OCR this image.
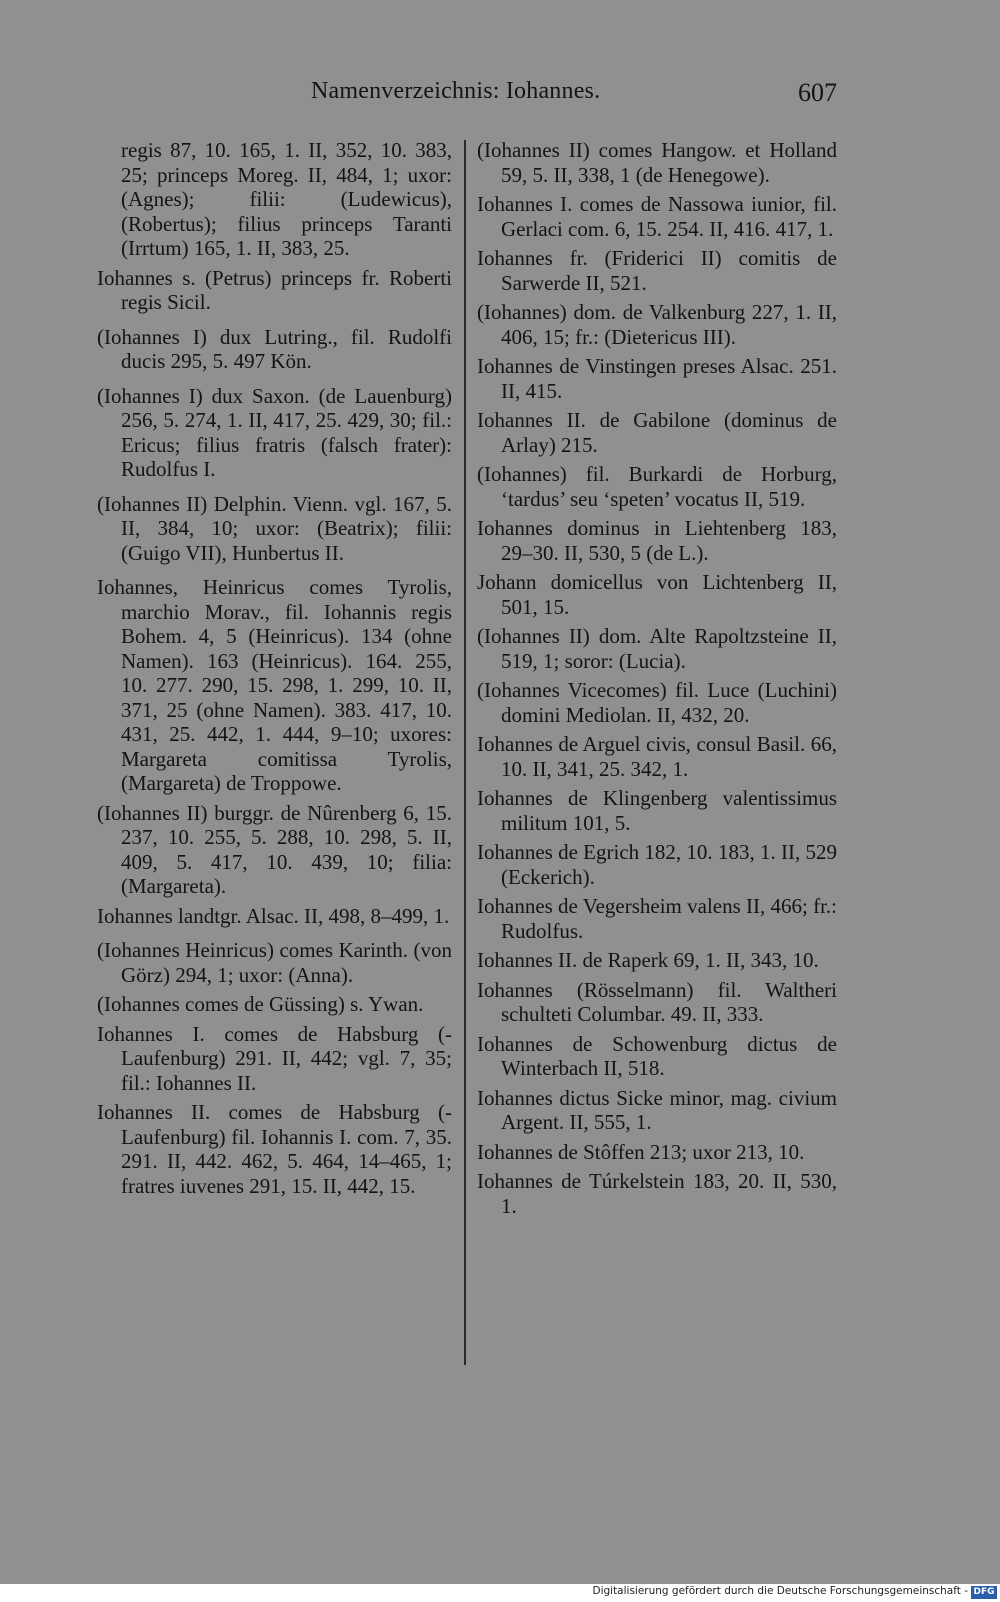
Namenverzeichnis: Iohannes.	607

regis 87, 10. 165, 1. II, 352, 10. 383, 25; princeps Moreg. II, 484, 1; uxor: (Agnes); filii: (Ludewicus), (Robertus); filius princeps Taranti (Irrtum) 165, 1. II, 383, 25.

Iohannes s. (Petrus) princeps fr. Roberti regis Sicil.

(Iohannes I) dux Lutring., fil. Rudolfi ducis 295, 5. 497 Kön.

(Iohannes I) dux Saxon. (de Lauenburg) 256, 5. 274, 1. II, 417, 25. 429, 30; fil.: Ericus; filius fratris (falsch frater): Rudolfus I.

(Iohannes II) Delphin. Vienn. vgl. 167, 5. II, 384, 10; uxor: (Beatrix); filii: (Guigo VII), Hunbertus II.

Iohannes, Heinricus comes Tyrolis, marchio Morav., fil. Iohannis regis Bohem. 4, 5 (Heinricus). 134 (ohne Namen). 163 (Heinricus). 164. 255, 10. 277. 290, 15. 298, 1. 299, 10. II, 371, 25 (ohne Namen). 383. 417, 10. 431, 25. 442, 1. 444, 9–10; uxores: Margareta comitissa Tyrolis, (Margareta) de Troppowe.

(Iohannes II) burggr. de Nûrenberg 6, 15. 237, 10. 255, 5. 288, 10. 298, 5. II, 409, 5. 417, 10. 439, 10; filia: (Margareta).

Iohannes landtgr. Alsac. II, 498, 8–499, 1.

(Iohannes Heinricus) comes Karinth. (von Görz) 294, 1; uxor: (Anna).

(Iohannes comes de Güssing) s. Ywan.

Iohannes I. comes de Habsburg (-Laufenburg) 291. II, 442; vgl. 7, 35; fil.: Iohannes II.

Iohannes II. comes de Habsburg (-Laufenburg) fil. Iohannis I. com. 7, 35. 291. II, 442. 462, 5. 464, 14–465, 1; fratres iuvenes 291, 15. II, 442, 15.

(Iohannes II) comes Hangow. et Holland 59, 5. II, 338, 1 (de Henegowe).

Iohannes I. comes de Nassowa iunior, fil. Gerlaci com. 6, 15. 254. II, 416. 417, 1.

Iohannes fr. (Friderici II) comitis de Sarwerde II, 521.

(Iohannes) dom. de Valkenburg 227, 1. II, 406, 15; fr.: (Dietericus III).

Iohannes de Vinstingen preses Alsac. 251. II, 415.

Iohannes II. de Gabilone (dominus de Arlay) 215.

(Iohannes) fil. Burkardi de Horburg, ‘tardus’ seu ‘speten’ vocatus II, 519.

Iohannes dominus in Liehtenberg 183, 29–30. II, 530, 5 (de L.).

Johann domicellus von Lichtenberg II, 501, 15.

(Iohannes II) dom. Alte Rapoltzsteine II, 519, 1; soror: (Lucia).

(Iohannes Vicecomes) fil. Luce (Luchini) domini Mediolan. II, 432, 20.

Iohannes de Arguel civis, consul Basil. 66, 10. II, 341, 25. 342, 1.

Iohannes de Klingenberg valentissimus militum 101, 5.

Iohannes de Egrich 182, 10. 183, 1. II, 529 (Eckerich).

Iohannes de Vegersheim valens II, 466; fr.: Rudolfus.

Iohannes II. de Raperk 69, 1. II, 343, 10.

Iohannes (Rösselmann) fil. Waltheri schulteti Columbar. 49. II, 333.

Iohannes de Schowenburg dictus de Winterbach II, 518.

Iohannes dictus Sicke minor, mag. civium Argent. II, 555, 1.

Iohannes de Stôffen 213; uxor 213, 10.

Iohannes de Túrkelstein 183, 20. II, 530, 1.

Digitalisierung gefördert durch die Deutsche Forschungsgemeinschaft - DFG
